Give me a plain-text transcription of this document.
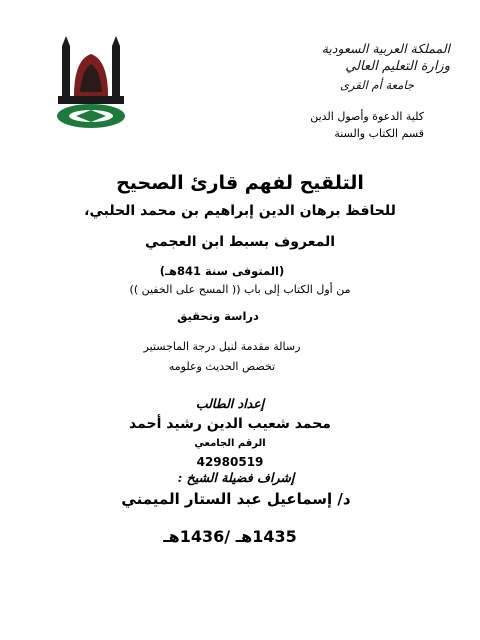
المملكة العربية السعودية
وزارة التعليم العالي
جامعة أم القرى
كلية الدعوة وأصول الدين
قسم الكتاب والسنة
التلقيح لفهم قارئ الصحيح
للحافظ برهان الدين إبراهيم بن محمد الحلبي،
المعروف بسبط ابن العجمي
(المتوفى سنة 841هـ)
من أول الكتاب إلى باب (( المسح على الخفين ))
دراسة وتحقيق
رسالة مقدمة لنيل درجة الماجستير
تخصص الحديث وعلومه
إعداد الطالب
محمد شعيب الدين رشيد أحمد
الرقم الجامعي
42980519
إشراف فضيلة الشيخ :
د/ إسماعيل عبد الستار الميمني
1435هـ /1436هـ
